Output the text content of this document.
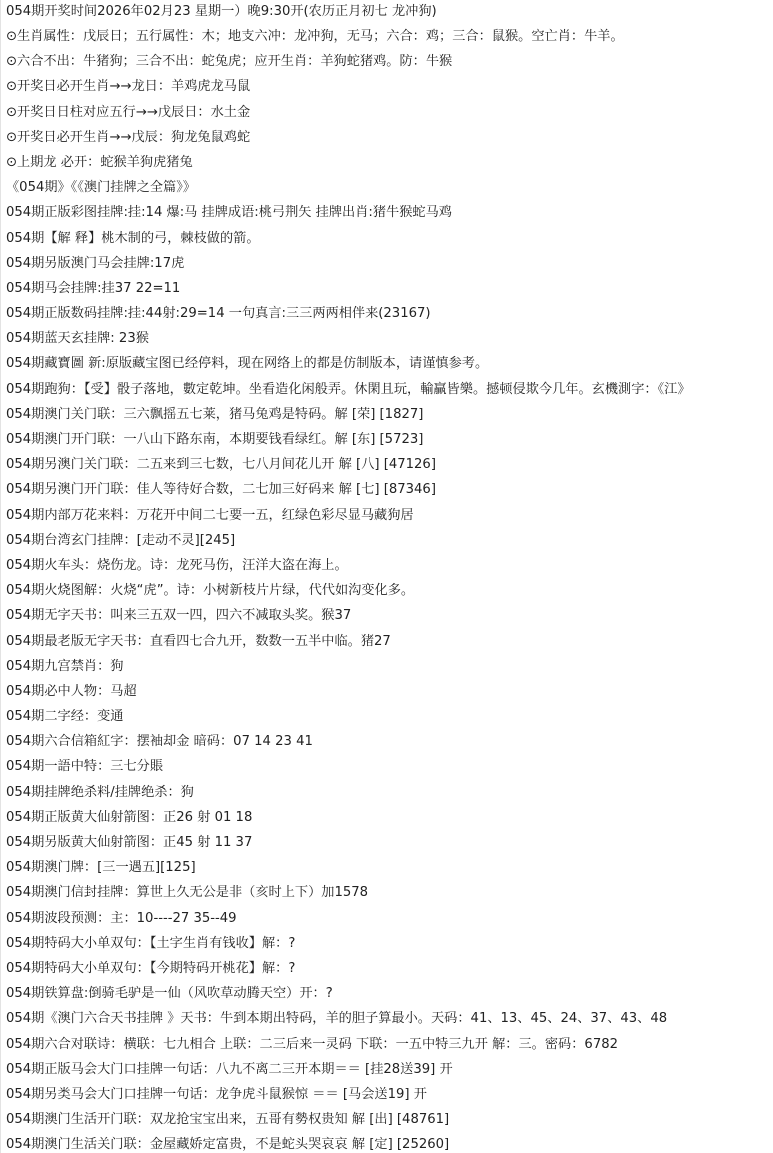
054期开奖时间2026年02月23 星期一）晚9:30开(农历正月初七 龙冲狗)
⊙生肖属性：戊辰日；五行属性：木；地支六冲：龙冲狗，无马；六合：鸡；三合：鼠猴。空亡肖：牛羊。
⊙六合不出：牛猪狗；三合不出：蛇兔虎；应开生肖：羊狗蛇猪鸡。防：牛猴
⊙开奖日必开生肖→→龙日：羊鸡虎龙马鼠
⊙开奖日日柱对应五行→→戊辰日：水土金
⊙开奖日必开生肖→→戊辰：狗龙兔鼠鸡蛇
⊙上期龙 必开：蛇猴羊狗虎猪兔
《054期》《《澳门挂牌之全篇》》
054期正版彩图挂牌:挂:14 爆:马 挂牌成语:桃弓荆矢 挂牌出肖:猪牛猴蛇马鸡
054期【解 释】桃木制的弓，棘枝做的箭。
054期另版澳门马会挂牌:17虎
054期马会挂牌:挂37 22=11
054期正版数码挂牌:挂:44射:29=14 一句真言:三三两两相伴来(23167)
054期蓝天玄挂牌: 23猴
054期藏寶圖 新:原版藏宝图已经停料，现在网络上的都是仿制版本，请谨慎参考。
054期跑狗：【受】骰子落地，數定乾坤。坐看造化闲般弄。休閑且玩，輸贏皆樂。撼顿侵欺今几年。玄機測字：《江》
054期澳门关门联：三六飘摇五七莱，猪马兔鸡是特码。解 [荣] [1827]
054期澳门开门联：一八山下路东南，本期要钱看绿红。解 [东] [5723]
054期另澳门关门联：二五来到三七数，七八月间花儿开 解 [八] [47126]
054期另澳门开门联：佳人等待好合数，二七加三好码来 解 [七] [87346]
054期内部万花来料：万花开中间二七要一五，红绿色彩尽显马藏狗居
054期台湾玄门挂牌：[走动不灵][245]
054期火车头：烧伤龙。诗：龙死马伤，汪洋大盗在海上。
054期火烧图解：火烧“虎”。诗：小树新枝片片绿，代代如沟变化多。
054期无字天书：叫来三五双一四，四六不减取头奖。猴37
054期最老版无字天书：直看四七合九开，数数一五半中临。猪27
054期九宫禁肖：狗
054期必中人物：马超
054期二字经：变通
054期六合信箱紅字：摆袖却金 暗码：07 14 23 41
054期一語中特：三七分賬
054期挂牌绝杀料/挂牌绝杀：狗
054期正版黄大仙射箭图：正26 射 01 18
054期另版黄大仙射箭图：正45 射 11 37
054期澳门牌：[三一遇五][125]
054期澳门信封挂牌：算世上久无公是非（亥时上下）加1578
054期波段预测：主：10----27 35--49
054期特码大小单双句：【土字生肖有钱收】解：?
054期特码大小单双句：【今期特码开桃花】解：?
054期铁算盘:倒骑毛驴是一仙（风吹草动腾天空）开：?
054期《澳门六合天书挂牌 》天书：牛到本期出特码，羊的胆子算最小。天码：41、13、45、24、37、43、48
054期六合对联诗：横联：七九相合 上联：二三后来一灵码 下联：一五中特三九开 解：三。密码：6782
054期正版马会大门口挂牌一句话：八九不离二三开本期＝＝ [挂28送39] 开
054期另类马会大门口挂牌一句话：龙争虎斗鼠猴惊 ＝＝ [马会送19] 开
054期澳门生活开门联：双龙抢宝宝出来，五哥有勢权贵知 解 [出] [48761]
054期澳门生活关门联：金屋藏娇定富贵，不是蛇头哭哀哀 解 [定] [25260]
